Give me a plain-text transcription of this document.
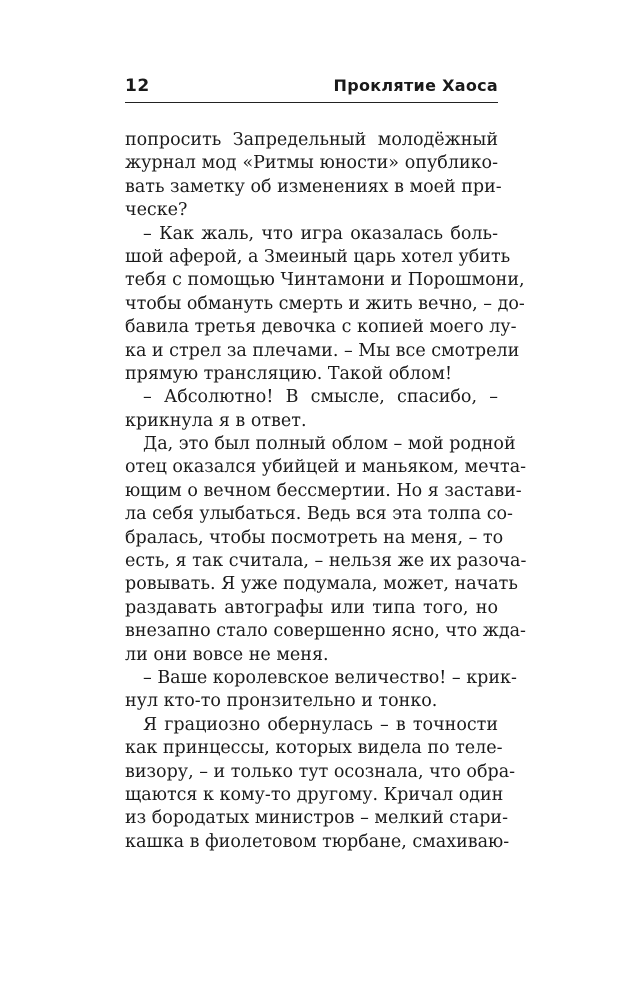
12	Проклятие Хаоса
попросить Запредельный молодёжный
журнал мод «Ритмы юности» опублико-
вать заметку об изменениях в моей при-
ческе?
– Как жаль, что игра оказалась боль-
шой аферой, а Змеиный царь хотел убить
тебя с помощью Чинтамони и Порошмони,
чтобы обмануть смерть и жить вечно, – до-
бавила третья девочка с копией моего лу-
ка и стрел за плечами. – Мы все смотрели
прямую трансляцию. Такой облом!
– Абсолютно! В смысле, спасибо, –
крикнула я в ответ.
Да, это был полный облом – мой родной
отец оказался убийцей и маньяком, мечта-
ющим о вечном бессмертии. Но я застави-
ла себя улыбаться. Ведь вся эта толпа со-
бралась, чтобы посмотреть на меня, – то
есть, я так считала, – нельзя же их разоча-
ровывать. Я уже подумала, может, начать
раздавать автографы или типа того, но
внезапно стало совершенно ясно, что жда-
ли они вовсе не меня.
– Ваше королевское величество! – крик-
нул кто-то пронзительно и тонко.
Я грациозно обернулась – в точности
как принцессы, которых видела по теле-
визору, – и только тут осознала, что обра-
щаются к кому-то другому. Кричал один
из бородатых министров – мелкий стари-
кашка в фиолетовом тюрбане, смахиваю-
